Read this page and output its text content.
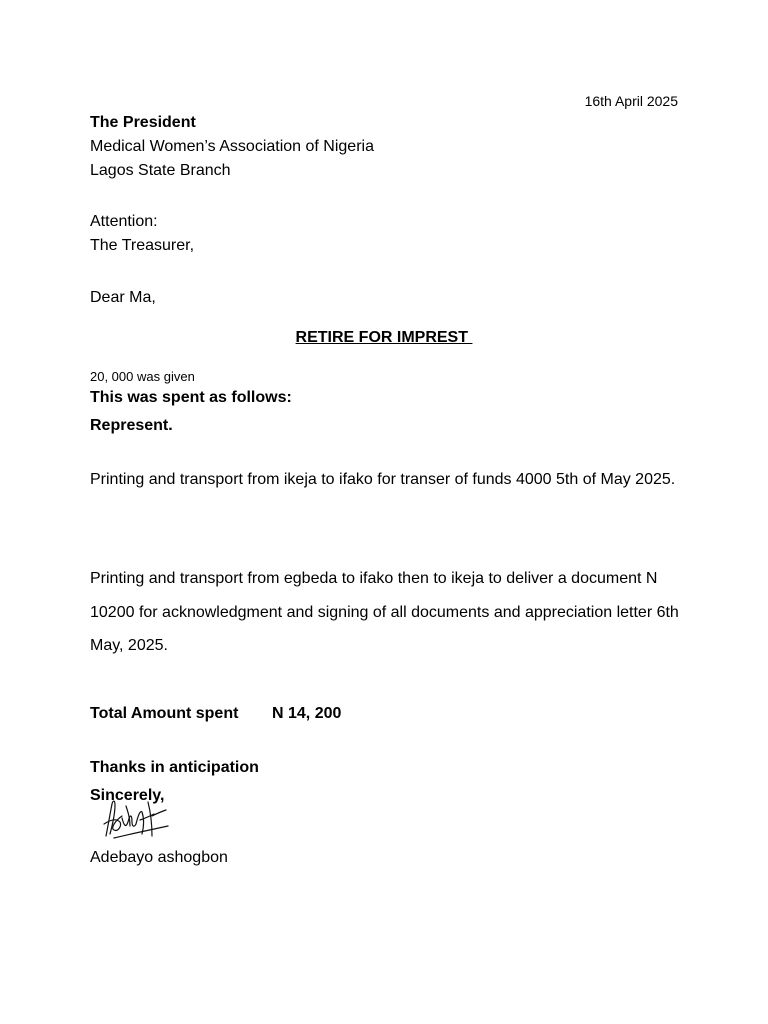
16th April 2025
The President
Medical Women’s Association of Nigeria
Lagos State Branch
Attention:
The Treasurer,
Dear Ma,
RETIRE FOR IMPREST
20, 000 was given
This was spent as follows:
Represent.
Printing and transport from ikeja to ifako for transer of funds 4000 5th of May 2025.
Printing and transport from egbeda to ifako then to ikeja to deliver a document N 10200 for acknowledgment and signing of all documents and appreciation letter 6th May, 2025.
Total Amount spent N 14, 200
Thanks in anticipation
Sincerely,
Adebayo ashogbon
